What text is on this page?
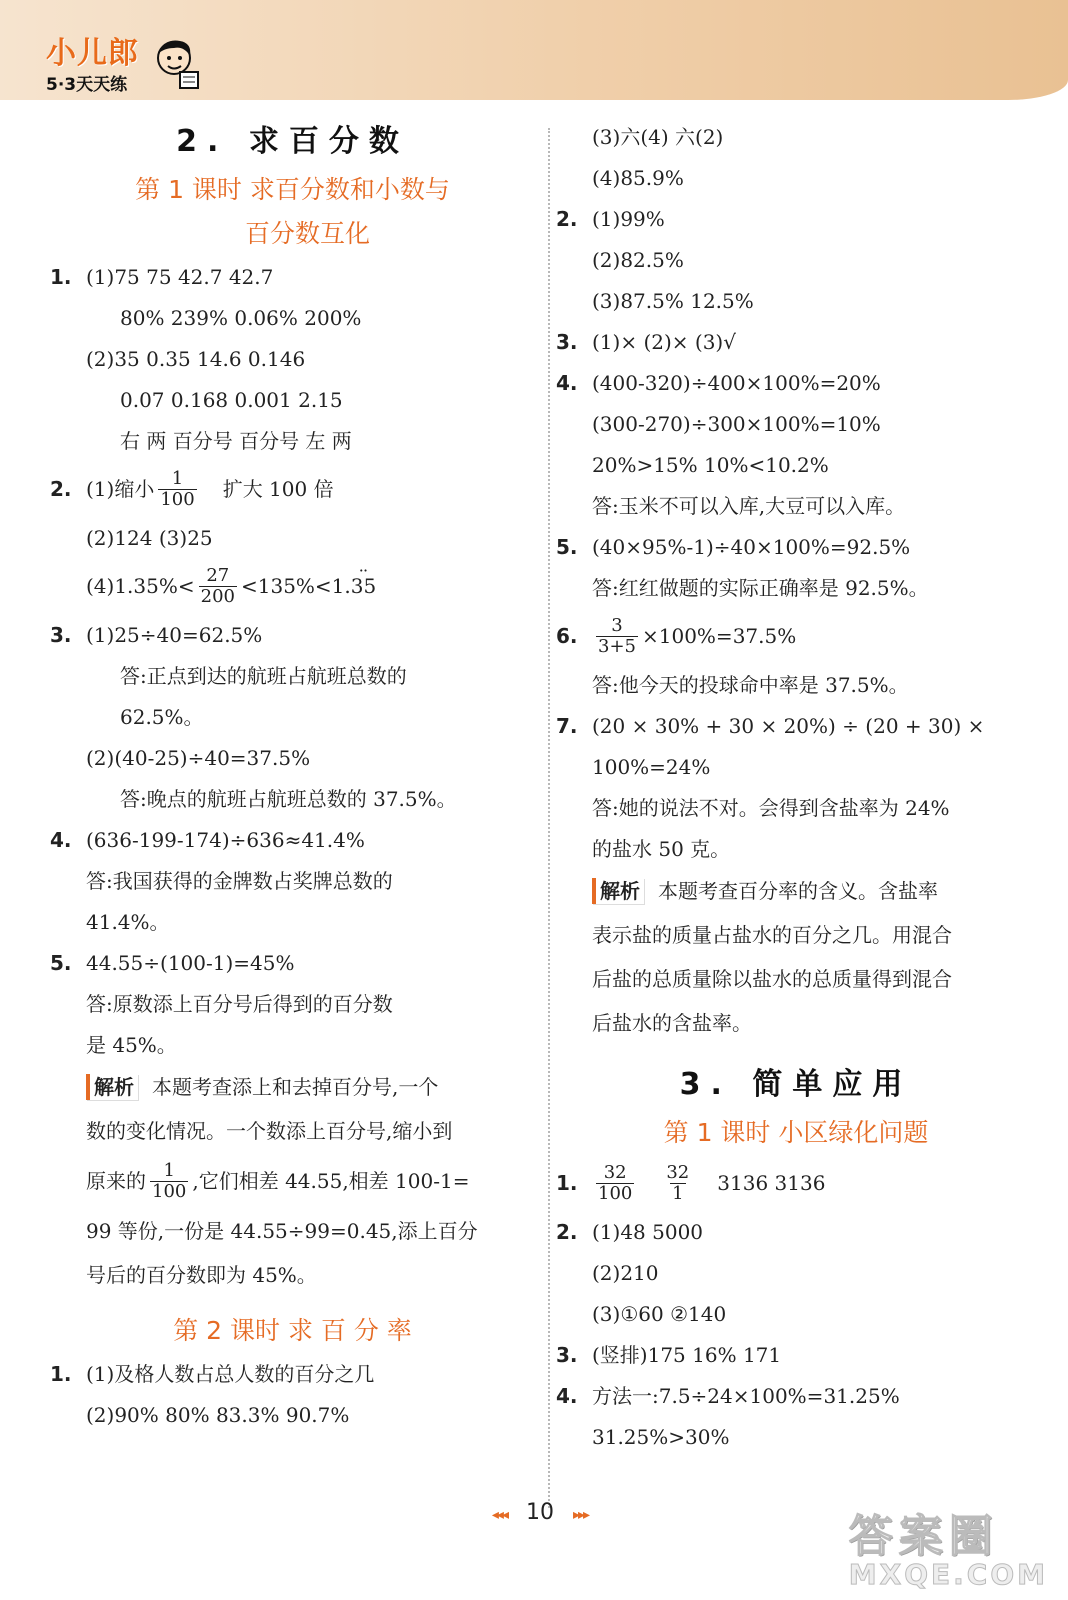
小儿郎
5·3天天练
2. 求百分数
第 1 课时 求百分数和小数与
百分数互化
1. (1)75 75 42.7 42.7
80% 239% 0.06% 200%
(2)35 0.35 14.6 0.146
0.07 0.168 0.001 2.15
右 两 百分号 百分号 左 两
2. (1)缩小 $\frac{1}{100}$ 扩大 100 倍
(2)124 (3)25
$(4)1.35\%< \frac{27}{200} <135\%<1$.
· · 35
3. (1)25÷40=62.5%
答:正点到达的航班占航班总数的
62.5%。
(2)(40-25)÷40=37.5%
答:晚点的航班占航班总数的 37.5%。
4. (636-199-174)÷636≈41.4%
答:我国获得的金牌数占奖牌总数的
41.4%。
5. 44.55÷(100-1)=45%
答:原数添上百分号后得到的百分数
是 45%。
解析 本题考查添上和去掉百分号,一个
数的变化情况。一个数添上百分号,缩小到
原来的 $\frac{1}{100}$ ,它们相差 44.55,相差 100-1=
99 等份,一份是 44.55÷99=0.45,添上百分
号后的百分数即为 45%。
第 2 课时 求 百 分 率
1. (1)及格人数占总人数的百分之几
(2)90% 80% 83.3% 90.7%
(3)六(4) 六(2)
(4)85.9%
2. (1)99%
(2)82.5%
(3)87.5% 12.5%
3. (1)× (2)× (3)√
4. (400-320)÷400×100%=20%
(300-270)÷300×100%=10%
20%>15% 10%<10.2%
答:玉米不可以入库,大豆可以入库。
5. (40×95%-1)÷40×100%=92.5%
答:红红做题的实际正确率是 92.5%。
6.	$\frac{3}{3+5} \times 100\%=37.5\%$
答:他今天的投球命中率是 37.5%。
7. (20 × 30% + 30 × 20%) ÷ (20 + 30) ×
100%=24%
答:她的说法不对。会得到含盐率为 24%
的盐水 50 克。
解析 本题考查百分率的含义。含盐率
表示盐的质量占盐水的百分之几。用混合
后盐的总质量除以盐水的总质量得到混合
后盐水的含盐率。
3. 简单应用
第 1 课时 小区绿化问题
1.	$\frac{32}{100} \frac{32}{1} 3136$ 3136
2. (1)48 5000
(2)210
(3)①60 ②140
3. (竖排)175 16% 171
4. 方法一:7.5÷24×100%=31.25%
31.25%>30%
◂◂◂ 10 ▸▸▸	答案圈
MXQE.COM
